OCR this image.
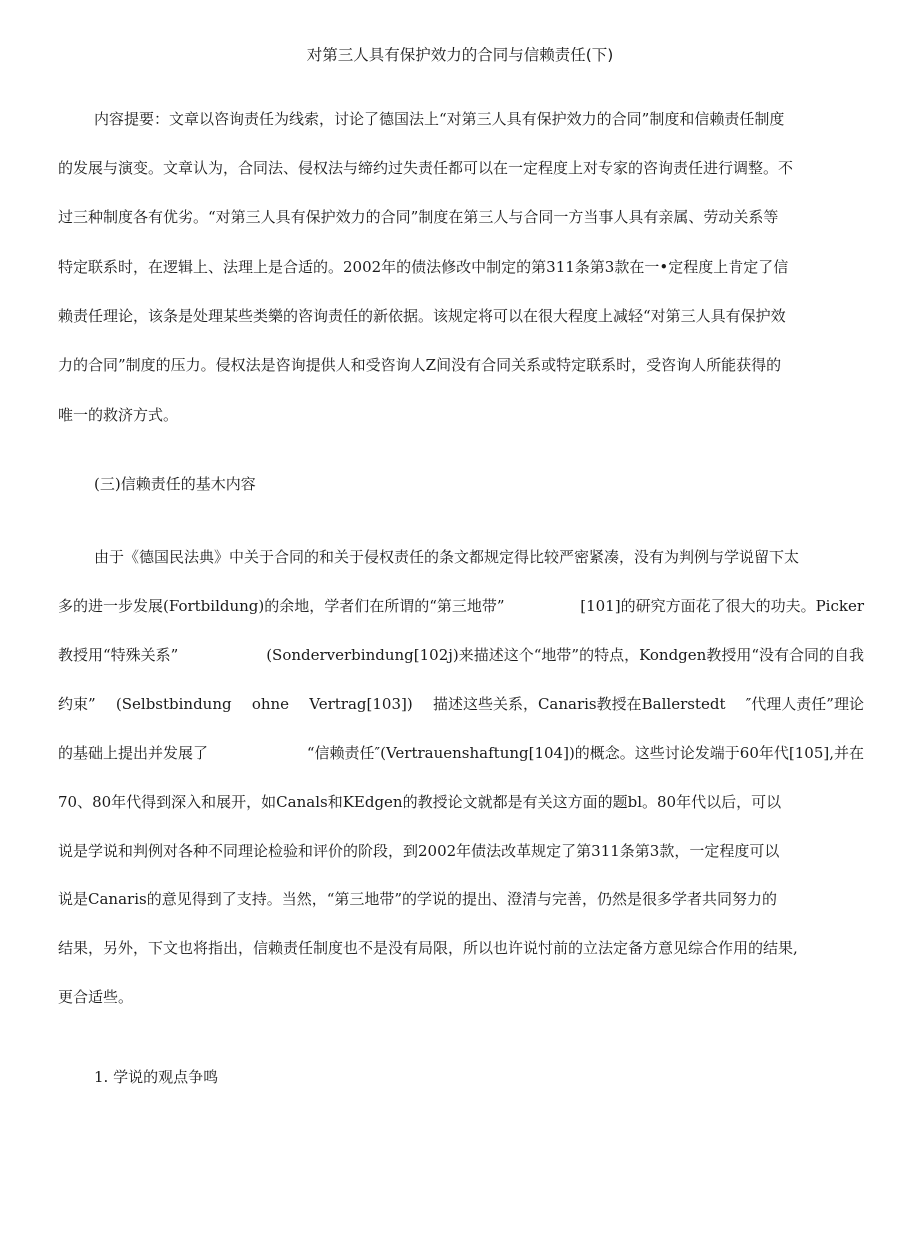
对第三人具有保护效力的合同与信赖责任(下)
内容提要：文章以咨询责任为线索，讨论了德国法上“对第三人具有保护效力的合同”制度和信赖责任制度
的发展与演变。文章认为，合同法、侵权法与缔约过失责任都可以在一定程度上对专家的咨询责任进行调整。不
过三种制度各有优劣。“对第三人具有保护效力的合同”制度在第三人与合同一方当事人具有亲属、劳动关系等
特定联系时，在逻辑上、法理上是合适的。2002年的债法修改中制定的第311条第3款在一•定程度上肯定了信
赖责任理论，该条是处理某些类樂的咨询责任的新依据。该规定将可以在很大程度上减轻“对第三人具有保护效
力的合同”制度的压力。侵权法是咨询提供人和受咨询人Z间没有合同关系或特定联系时，受咨询人所能获得的
唯一的救济方式。
(三)信赖责任的基木内容
由于《德国民法典》中关于合同的和关于侵权责任的条文都规定得比较严密紧凑，没有为判例与学说留下太
多的进一步发展(Fortbildung)的余地，学者们在所谓的“第三地带”	[101]的研究方面花了很大的功夫。Picker
教授用“特殊关系”	(Sonderverbindung[102j)来描述这个“地带”的特点，Kondgen教授用“没有合同的自我
约束” (Selbstbindung ohne Vertrag[103]) 描述这些关系，Canaris教授在Ballerstedt ″代理人责任”理论
的基础上提出并发展了	“信赖责任″(Vertrauenshaftung[104])的概念。这些讨论发端于60年代[105],并在
70、80年代得到深入和展开，如Canals和KEdgen的教授论文就都是有关这方面的题bl。80年代以后，可以
说是学说和判例对各种不同理论检验和评价的阶段，到2002年债法改革规定了第311条第3款，一定程度可以
说是Canaris的意见得到了支持。当然，“第三地带”的学说的提出、澄清与完善，仍然是很多学者共同努力的
结果，另外，下文也将指出，信赖责任制度也不是没有局限，所以也许说忖前的立法定备方意见综合作用的结果,
更合适些。
1. 学说的观点争鸣
